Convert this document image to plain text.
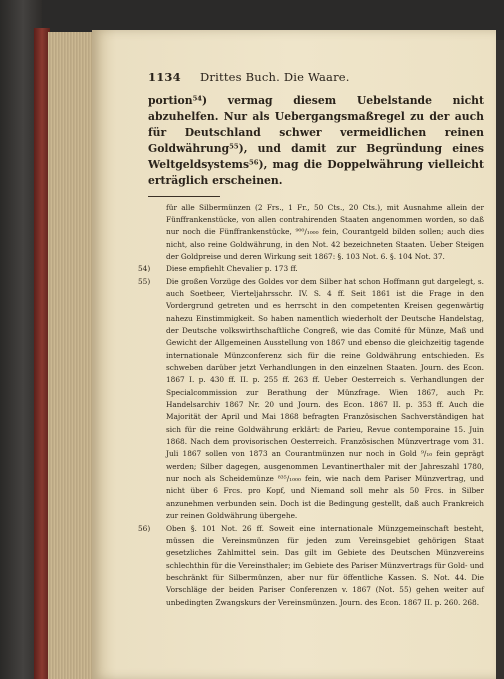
1134	Drittes Buch. Die Waare.
portion⁵⁴) vermag diesem Uebelstande nicht abzuhelfen. Nur als Uebergangsmaßregel zu der auch für Deutschland schwer vermeidlichen reinen Goldwährung⁵⁵), und damit zur Begründung eines Weltgeldsystems⁵⁶), mag die Doppelwährung vielleicht erträglich erscheinen.
für alle Silbermünzen (2 Frs., 1 Fr., 50 Cts., 20 Cts.), mit Ausnahme allein der Fünffrankenstücke, von allen contrahirenden Staaten angenommen worden, so daß nur noch die Fünffrankenstücke, ⁹⁰⁰/₁₀₀₀ fein, Courantgeld bilden sollen; auch dies nicht, also reine Goldwährung, in den Not. 42 bezeichneten Staaten. Ueber Steigen der Goldpreise und deren Wirkung seit 1867: §. 103 Not. 6. §. 104 Not. 37.
54)	Diese empfiehlt Chevalier p. 173 ff.
55)	Die großen Vorzüge des Goldes vor dem Silber hat schon Hoffmann gut dargelegt, s. auch Soetbeer, Vierteljahrsschr. IV. S. 4 ff. Seit 1861 ist die Frage in den Vordergrund getreten und es herrscht in den competenten Kreisen gegenwärtig nahezu Einstimmigkeit. So haben namentlich wiederholt der Deutsche Handelstag, der Deutsche volkswirthschaftliche Congreß, wie das Comité für Münze, Maß und Gewicht der Allgemeinen Ausstellung von 1867 und ebenso die gleichzeitig tagende internationale Münzconferenz sich für die reine Goldwährung entschieden. Es schweben darüber jetzt Verhandlungen in den einzelnen Staaten. Journ. des Econ. 1867 I. p. 430 ff. II. p. 255 ff. 263 ff. Ueber Oesterreich s. Verhandlungen der Specialcommission zur Berathung der Münzfrage. Wien 1867, auch Pr. Handelsarchiv 1867 Nr. 20 und Journ. des Econ. 1867 II. p. 353 ff. Auch die Majorität der April und Mai 1868 befragten Französischen Sachverständigen hat sich für die reine Goldwährung erklärt: de Parieu, Revue contemporaine 15. Juin 1868. Nach dem provisorischen Oesterreich. Französischen Münzvertrage vom 31. Juli 1867 sollen von 1873 an Courantmünzen nur noch in Gold ⁹/₁₀ fein geprägt werden; Silber dagegen, ausgenommen Levantinerthaler mit der Jahreszahl 1780, nur noch als Scheidemünze ⁸³⁵/₁₀₀₀ fein, wie nach dem Pariser Münzvertrag, und nicht über 6 Frcs. pro Kopf, und Niemand soll mehr als 50 Frcs. in Silber anzunehmen verbunden sein. Doch ist die Bedingung gestellt, daß auch Frankreich zur reinen Goldwährung übergehe.
56)	Oben §. 101 Not. 26 ff. Soweit eine internationale Münzgemeinschaft besteht, müssen die Vereinsmünzen für jeden zum Vereinsgebiet gehörigen Staat gesetzliches Zahlmittel sein. Das gilt im Gebiete des Deutschen Münzvereins schlechthin für die Vereinsthaler; im Gebiete des Pariser Münzvertrags für Gold- und beschränkt für Silbermünzen, aber nur für öffentliche Kassen. S. Not. 44. Die Vorschläge der beiden Pariser Conferenzen v. 1867 (Not. 55) gehen weiter auf unbedingten Zwangskurs der Vereinsmünzen. Journ. des Econ. 1867 II. p. 260. 268.
